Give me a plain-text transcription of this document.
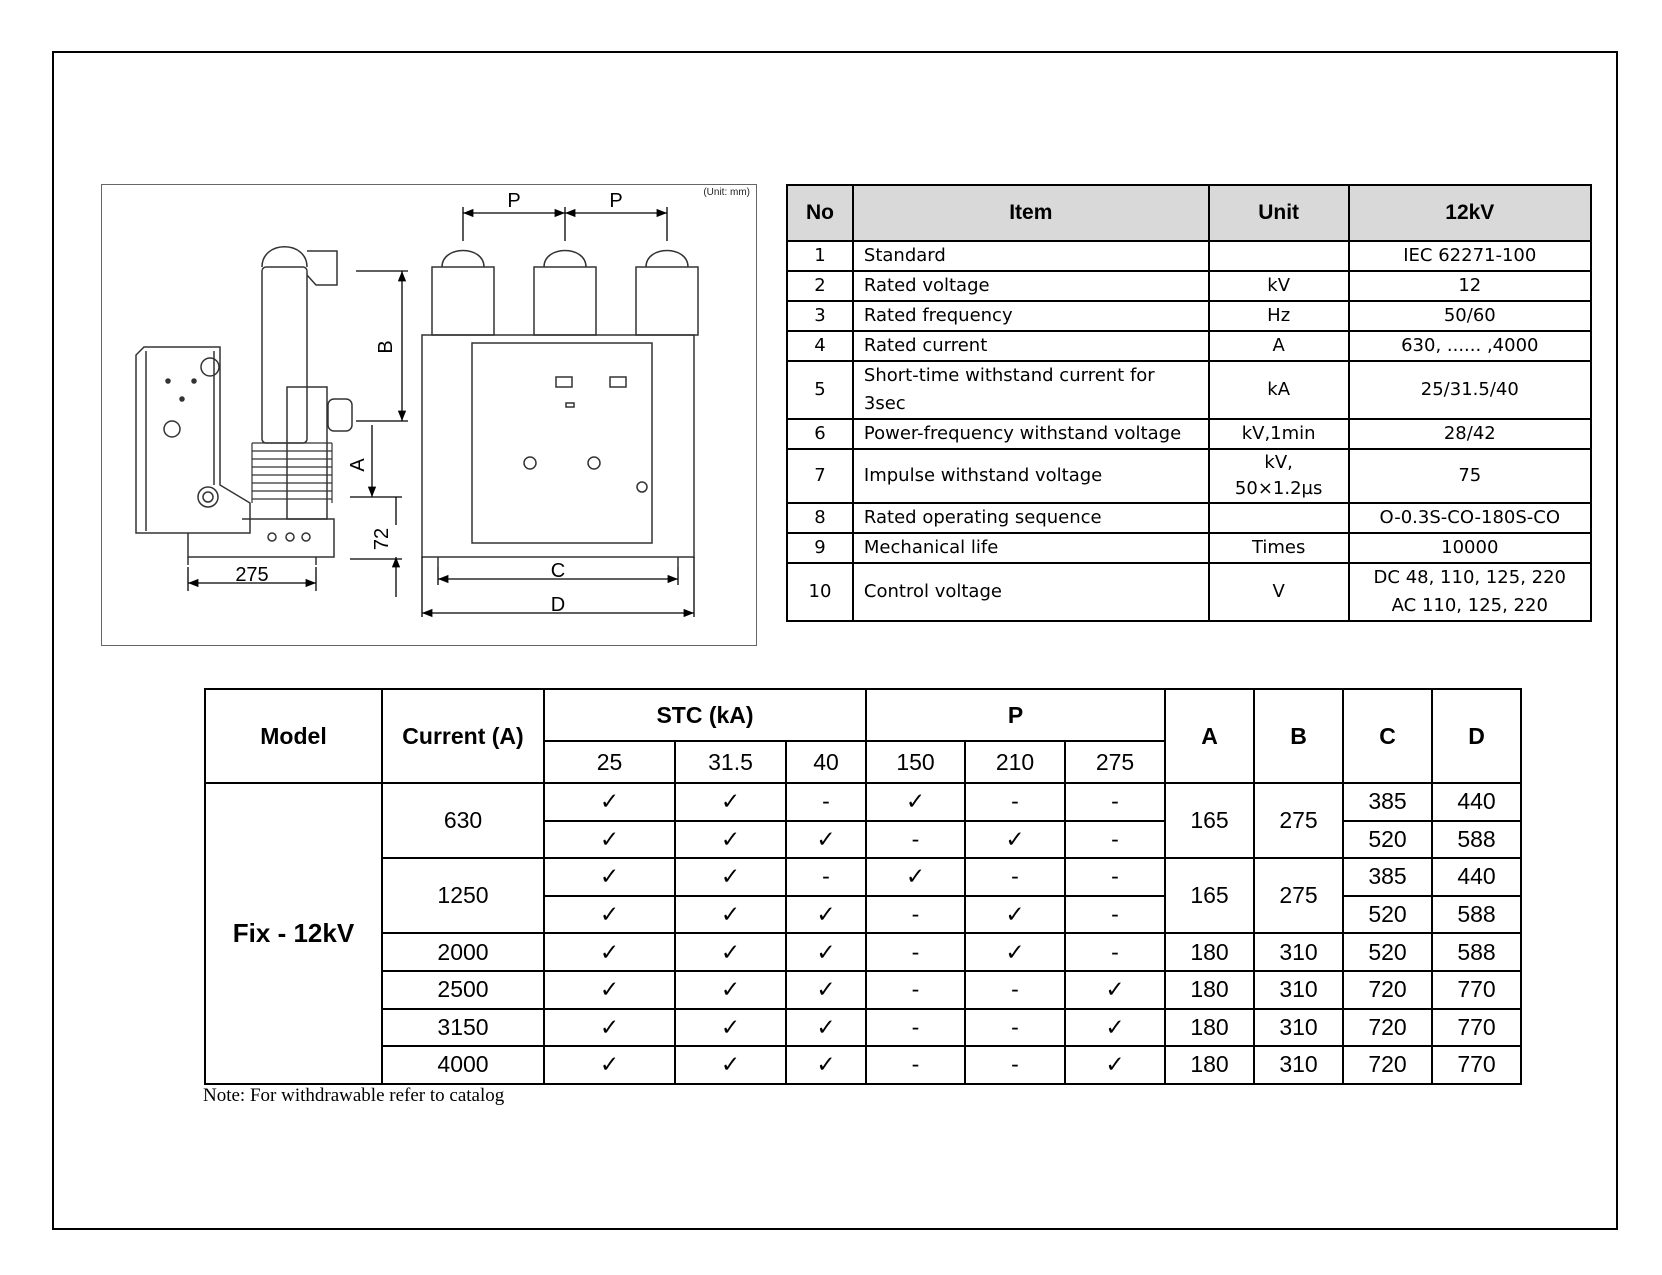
(Unit: mm)
P	P
B
A
72
275	C
D
No	Item	Unit	12kV
1	Standard		IEC 62271-100
2	Rated voltage	kV	12
3	Rated frequency	Hz	50/60
4	Rated current	A	630, ...... ,4000
5	Short-time withstand current for 3sec	kA	25/31.5/40
6	Power-frequency withstand voltage	kV,1min	28/42
7	Impulse withstand voltage	kV, 50×1.2µs	75
8	Rated operating sequence		O-0.3S-CO-180S-CO
9	Mechanical life	Times	10000
10	Control voltage	V	DC 48, 110, 125, 220
AC 110, 125, 220
Model	Current (A)	STC (kA)			P			A	B	C	D
		25	31.5	40	150	210	275				
Fix - 12kV	630	✓	✓	-	✓	-	-	165	275	385	440
		✓	✓	✓	-	✓	-			520	588
	1250	✓	✓	-	✓	-	-	165	275	385	440
		✓	✓	✓	-	✓	-			520	588
	2000	✓	✓	✓	-	✓	-	180	310	520	588
	2500	✓	✓	✓	-	-	✓	180	310	720	770
	3150	✓	✓	✓	-	-	✓	180	310	720	770
	4000	✓	✓	✓	-	-	✓	180	310	720	770
Note: For withdrawable refer to catalog
